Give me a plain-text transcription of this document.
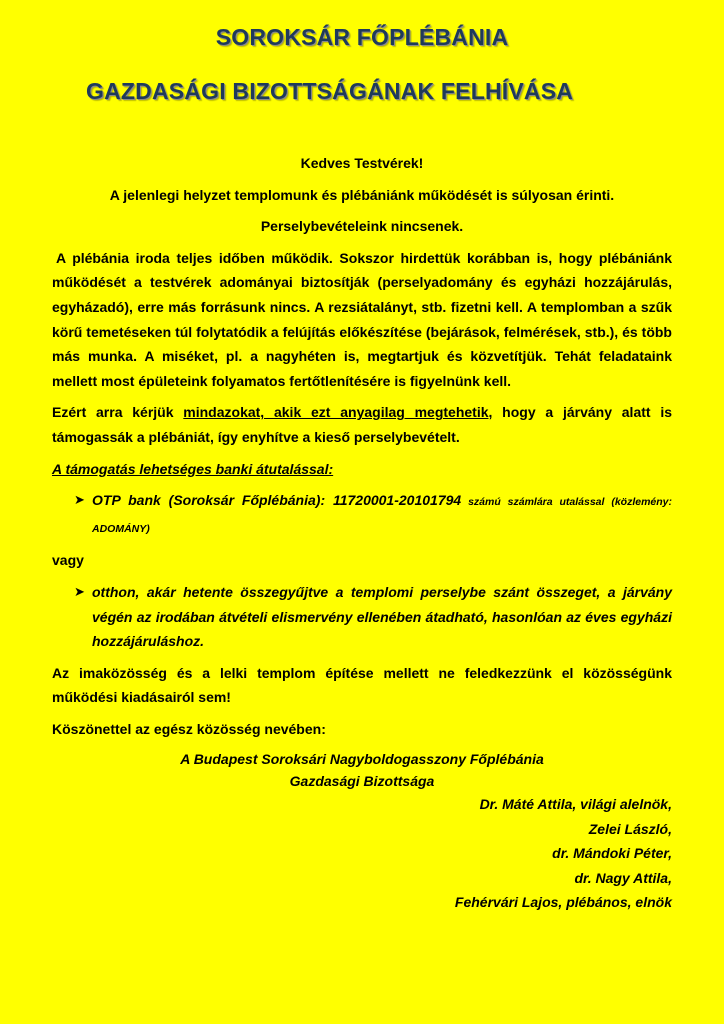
SOROKSÁR FŐPLÉBÁNIA
GAZDASÁGI BIZOTTSÁGÁNAK FELHÍVÁSA

Kedves Testvérek!

A jelenlegi helyzet templomunk és plébániánk működését is súlyosan érinti.

Perselybevételeink nincsenek.

A plébánia iroda teljes időben működik. Sokszor hirdettük korábban is, hogy plébániánk működését a testvérek adományai biztosítják (perselyadomány és egyházi hozzájárulás, egyházadó), erre más forrásunk nincs. A rezsiátalányt, stb. fizetni kell. A templomban a szűk körű temetéseken túl folytatódik a felújítás előkészítése (bejárások, felmérések, stb.), és több más munka. A miséket, pl. a nagyhéten is, megtartjuk és közvetítjük. Tehát feladataink mellett most épületeink folyamatos fertőtlenítésére is figyelnünk kell.

Ezért arra kérjük mindazokat, akik ezt anyagilag megtehetik, hogy a járvány alatt is támogassák a plébániát, így enyhítve a kieső perselybevételt.

A támogatás lehetséges banki átutalással:

➤ OTP bank (Soroksár Főplébánia): 11720001-20101794 számú számlára utalással (közlemény: ADOMÁNY)

vagy

➤ otthon, akár hetente összegyűjtve a templomi perselybe szánt összeget, a járvány végén az irodában átvételi elismervény ellenében átadható, hasonlóan az éves egyházi hozzájáruláshoz.

Az imaközösség és a lelki templom építése mellett ne feledkezzünk el közösségünk működési kiadásairól sem!

Köszönettel az egész közösség nevében:

A Budapest Soroksári Nagyboldogasszony Főplébánia
Gazdasági Bizottsága
Dr. Máté Attila, világi alelnök,
Zelei László,
dr. Mándoki Péter,
dr. Nagy Attila,
Fehérvári Lajos, plébános, elnök
